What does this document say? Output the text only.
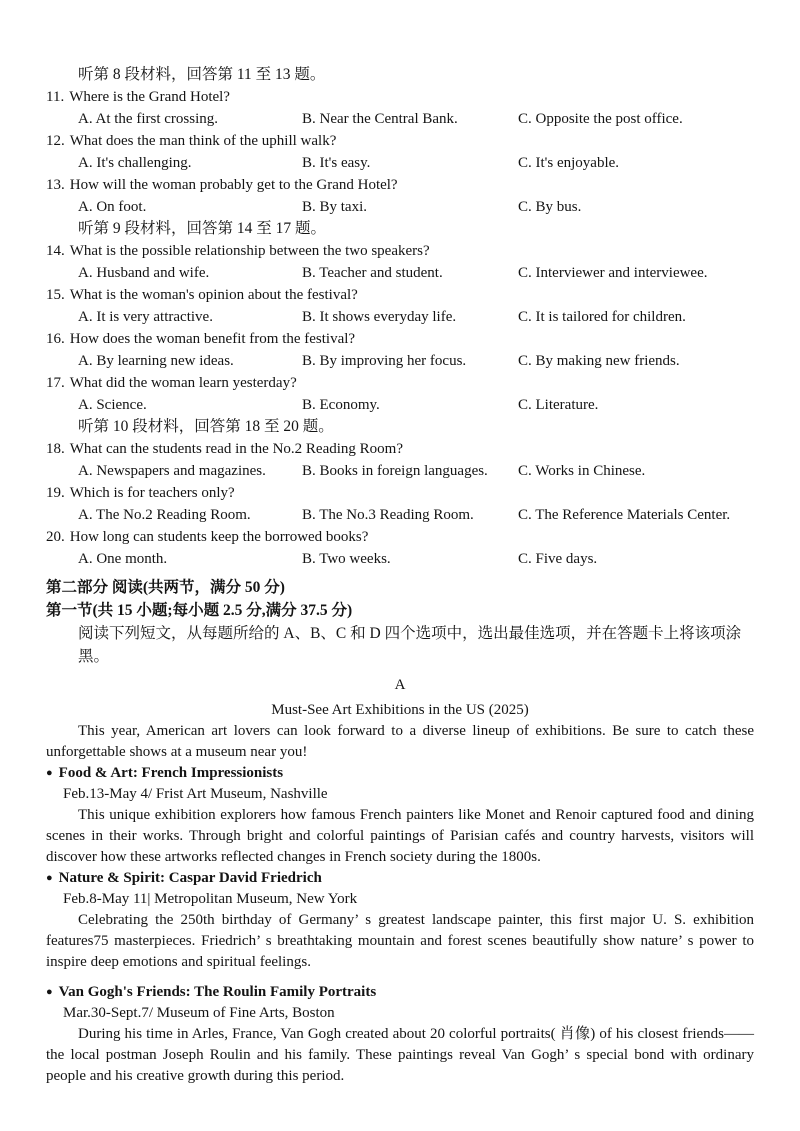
听第 8 段材料，回答第 11 至 13 题。
11. Where is the Grand Hotel?
A. At the first crossing.	B. Near the Central Bank.	C. Opposite the post office.
12. What does the man think of the uphill walk?
A. It's challenging.	B. It's easy.	C. It's enjoyable.
13. How will the woman probably get to the Grand Hotel?
A. On foot.	B. By taxi.	C. By bus.
听第 9 段材料，回答第 14 至 17 题。
14. What is the possible relationship between the two speakers?
A. Husband and wife.	B. Teacher and student.	C. Interviewer and interviewee.
15. What is the woman's opinion about the festival?
A. It is very attractive.	B. It shows everyday life.	C. It is tailored for children.
16. How does the woman benefit from the festival?
A. By learning new ideas.	B. By improving her focus.	C. By making new friends.
17. What did the woman learn yesterday?
A. Science.	B. Economy.	C. Literature.
听第 10 段材料，回答第 18 至 20 题。
18. What can the students read in the No.2 Reading Room?
A. Newspapers and magazines.	B. Books in foreign languages.	C. Works in Chinese.
19. Which is for teachers only?
A. The No.2 Reading Room.	B. The No.3 Reading Room.	C. The Reference Materials Center.
20. How long can students keep the borrowed books?
A. One month.	B. Two weeks.	C. Five days.
第二部分 阅读(共两节，满分 50 分)
第一节(共 15 小题;每小题 2.5 分,满分 37.5 分)
阅读下列短文，从每题所给的 A、B、C 和 D 四个选项中，选出最佳选项，并在答题卡上将该项涂黑。
A
Must-See Art Exhibitions in the US (2025)

This year, American art lovers can look forward to a diverse lineup of exhibitions. Be sure to catch these unforgettable shows at a museum near you!

● Food & Art: French Impressionists
Feb.13-May 4/ Frist Art Museum, Nashville

This unique exhibition explorers how famous French painters like Monet and Renoir captured food and dining scenes in their works. Through bright and colorful paintings of Parisian cafés and country harvests, visitors will discover how these artworks reflected changes in French society during the 1800s.

● Nature & Spirit: Caspar David Friedrich
Feb.8-May 11| Metropolitan Museum, New York

Celebrating the 250th birthday of Germany’ s greatest landscape painter, this first major U. S. exhibition features75 masterpieces. Friedrich’ s breathtaking mountain and forest scenes beautifully show nature’ s power to inspire deep emotions and spiritual feelings.

● Van Gogh's Friends: The Roulin Family Portraits
Mar.30-Sept.7/ Museum of Fine Arts, Boston

During his time in Arles, France, Van Gogh created about 20 colorful portraits( 肖像) of his closest friends——the local postman Joseph Roulin and his family. These paintings reveal Van Gogh’ s special bond with ordinary people and his creative growth during this period.
